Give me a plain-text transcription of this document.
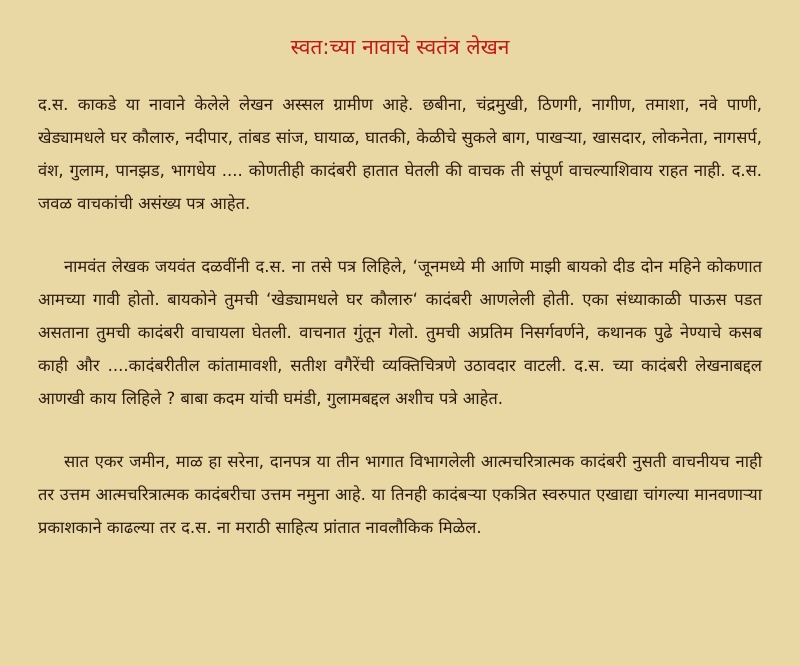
स्वत:च्या नावाचे स्वतंत्र लेखन

द.स. काकडे या नावाने केलेले लेखन अस्सल ग्रामीण आहे. छबीना, चंद्रमुखी, ठिणगी, नागीण, तमाशा, नवे पाणी, खेड्यामधले घर कौलारु, नदीपार, तांबड सांज, घायाळ, घातकी, केळीचे सुकले बाग, पाखऱ्या, खासदार, लोकनेता, नागसर्प, वंश, गुलाम, पानझड, भागधेय .... कोणतीही कादंबरी हातात घेतली की वाचक ती संपूर्ण वाचल्याशिवाय राहत नाही. द.स. जवळ वाचकांची असंख्य पत्र आहेत.

नामवंत लेखक जयवंत दळवींनी द.स. ना तसे पत्र लिहिले, ‘जूनमध्ये मी आणि माझी बायको दीड दोन महिने कोकणात आमच्या गावी होतो. बायकोने तुमची ‘खेड्यामधले घर कौलारु‘ कादंबरी आणलेली होती. एका संध्याकाळी पाऊस पडत असताना तुमची कादंबरी वाचायला घेतली. वाचनात गुंतून गेलो. तुमची अप्रतिम निसर्गवर्णने, कथानक पुढे नेण्याचे कसब काही और ....कादंबरीतील कांतामावशी, सतीश वगैरेंची व्यक्तिचित्रणे उठावदार वाटली. द.स. च्या कादंबरी लेखनाबद्दल आणखी काय लिहिले ? बाबा कदम यांची घमंडी, गुलामबद्दल अशीच पत्रे आहेत.

सात एकर जमीन, माळ हा सरेना, दानपत्र या तीन भागात विभागलेली आत्मचरित्रात्मक कादंबरी नुसती वाचनीयच नाही तर उत्तम आत्मचरित्रात्मक कादंबरीचा उत्तम नमुना आहे. या तिनही कादंबऱ्या एकत्रित स्वरुपात एखाद्या चांगल्या मानवणाऱ्या प्रकाशकाने काढल्या तर द.स. ना मराठी साहित्य प्रांतात नावलौकिक मिळेल.
